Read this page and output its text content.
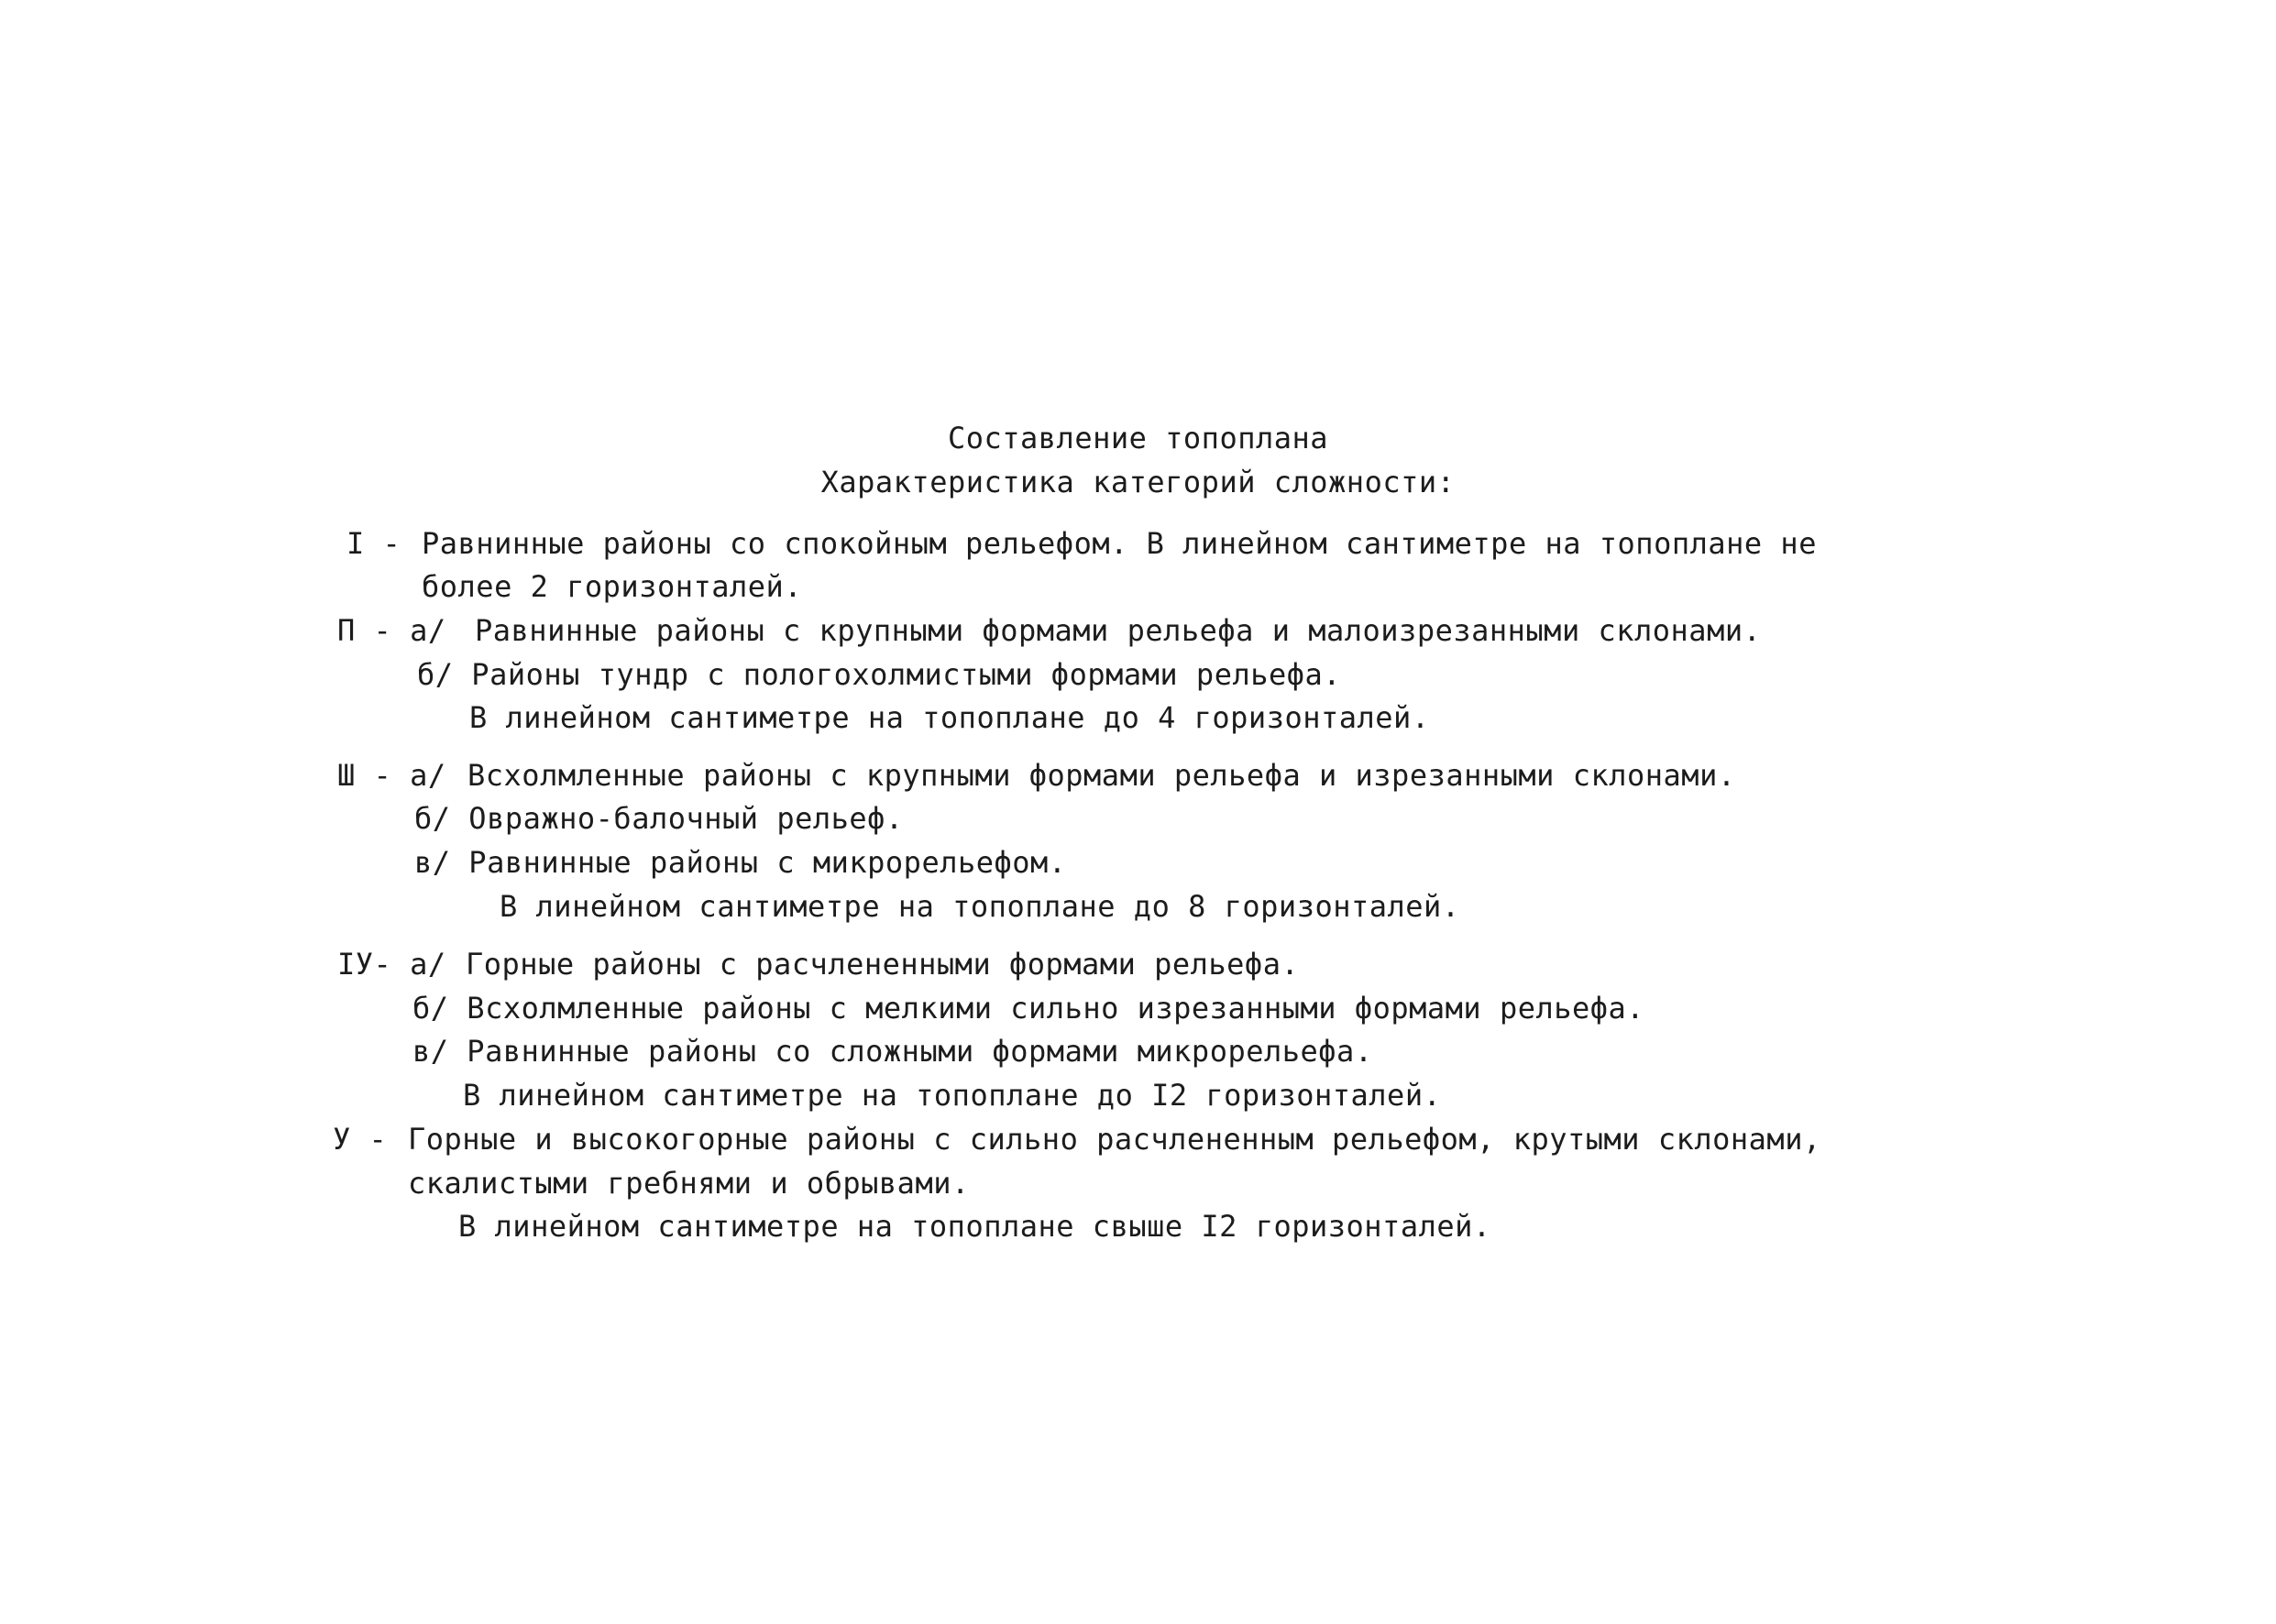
Составление топоплана
Характеристика категорий сложности:
I - Равнинные районы со спокойным рельефом. В линейном сантиметре на топоплане не
более 2 горизонталей.
П - а/ Равнинные районы с крупными формами рельефа и малоизрезанными склонами.
б/ Районы тундр с пологохолмистыми формами рельефа.
В линейном сантиметре на топоплане до 4 горизонталей.
Ш - а/ Всхолмленные районы с крупными формами рельефа и изрезанными склонами.
б/ Овражно-балочный рельеф.
в/ Равнинные районы с микрорельефом.
В линейном сантиметре на топоплане до 8 горизонталей.
IУ- а/ Горные районы с расчлененными формами рельефа.
б/ Всхолмленные районы с мелкими сильно изрезанными формами рельефа.
в/ Равнинные районы со сложными формами микрорельефа.
В линейном сантиметре на топоплане до I2 горизонталей.
У - Горные и высокогорные районы с сильно расчлененным рельефом, крутыми склонами,
скалистыми гребнями и обрывами.
В линейном сантиметре на топоплане свыше I2 горизонталей.
